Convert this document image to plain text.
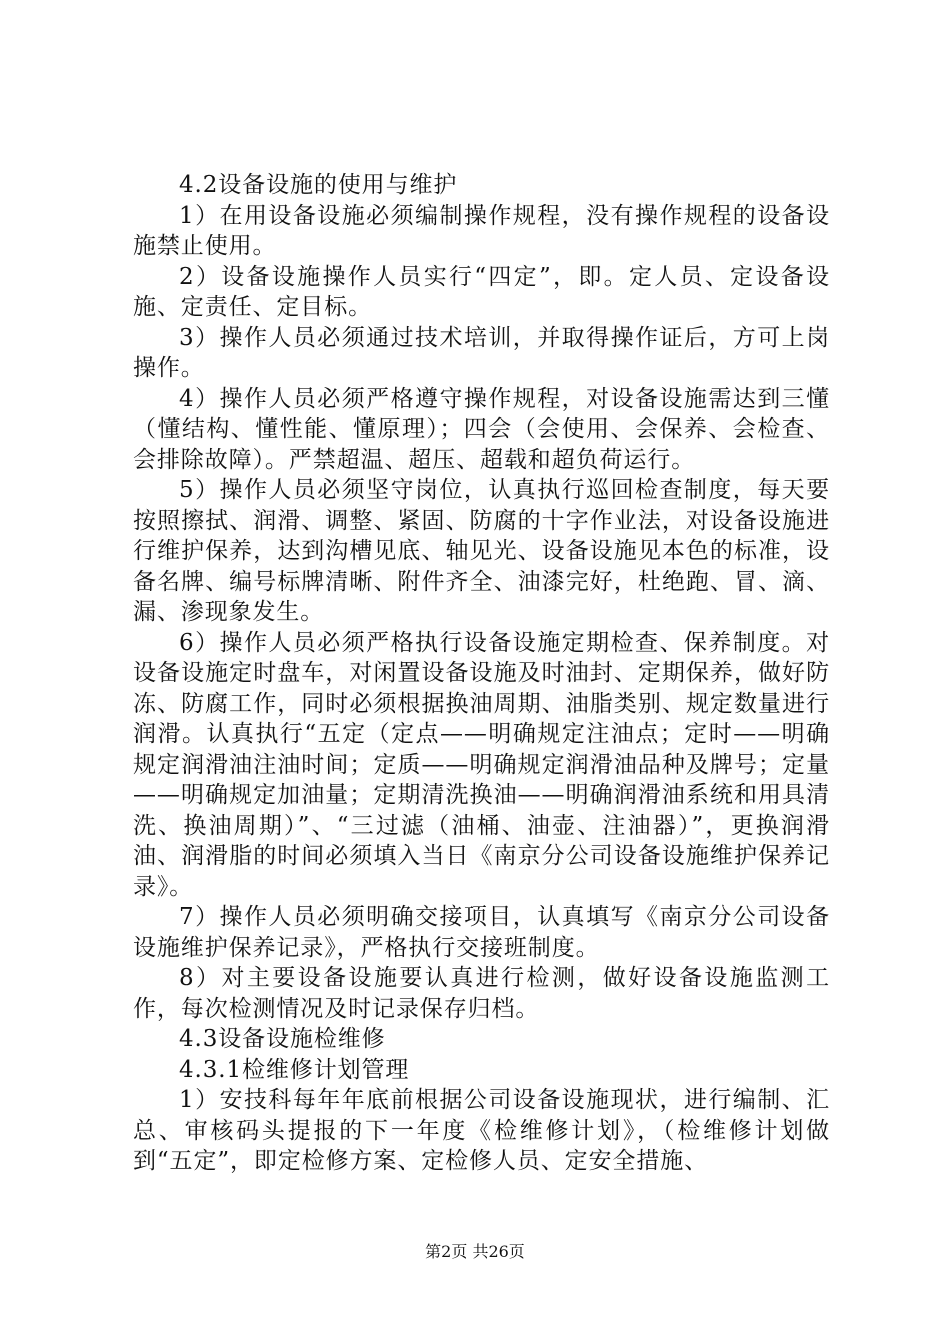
4.2设备设施的使用与维护

1）在用设备设施必须编制操作规程，没有操作规程的设备设施禁止使用。

2）设备设施操作人员实行“四定”，即。定人员、定设备设施、定责任、定目标。

3）操作人员必须通过技术培训，并取得操作证后，方可上岗操作。

4）操作人员必须严格遵守操作规程，对设备设施需达到三懂（懂结构、懂性能、懂原理）；四会（会使用、会保养、会检查、会排除故障）。严禁超温、超压、超载和超负荷运行。

5）操作人员必须坚守岗位，认真执行巡回检查制度，每天要按照擦拭、润滑、调整、紧固、防腐的十字作业法，对设备设施进行维护保养，达到沟槽见底、轴见光、设备设施见本色的标准，设备名牌、编号标牌清晰、附件齐全、油漆完好，杜绝跑、冒、滴、漏、渗现象发生。

6）操作人员必须严格执行设备设施定期检查、保养制度。对设备设施定时盘车，对闲置设备设施及时油封、定期保养，做好防冻、防腐工作，同时必须根据换油周期、油脂类别、规定数量进行润滑。认真执行“五定（定点——明确规定注油点；定时——明确规定润滑油注油时间；定质——明确规定润滑油品种及牌号；定量——明确规定加油量；定期清洗换油——明确润滑油系统和用具清洗、换油周期）”、“三过滤（油桶、油壶、注油器）”，更换润滑油、润滑脂的时间必须填入当日《南京分公司设备设施维护保养记录》。

7）操作人员必须明确交接项目，认真填写《南京分公司设备设施维护保养记录》，严格执行交接班制度。

8）对主要设备设施要认真进行检测，做好设备设施监测工作，每次检测情况及时记录保存归档。

4.3设备设施检维修

4.3.1检维修计划管理

1）安技科每年年底前根据公司设备设施现状，进行编制、汇总、审核码头提报的下一年度《检维修计划》，（检维修计划做到“五定”，即定检修方案、定检修人员、定安全措施、

第2页 共26页
